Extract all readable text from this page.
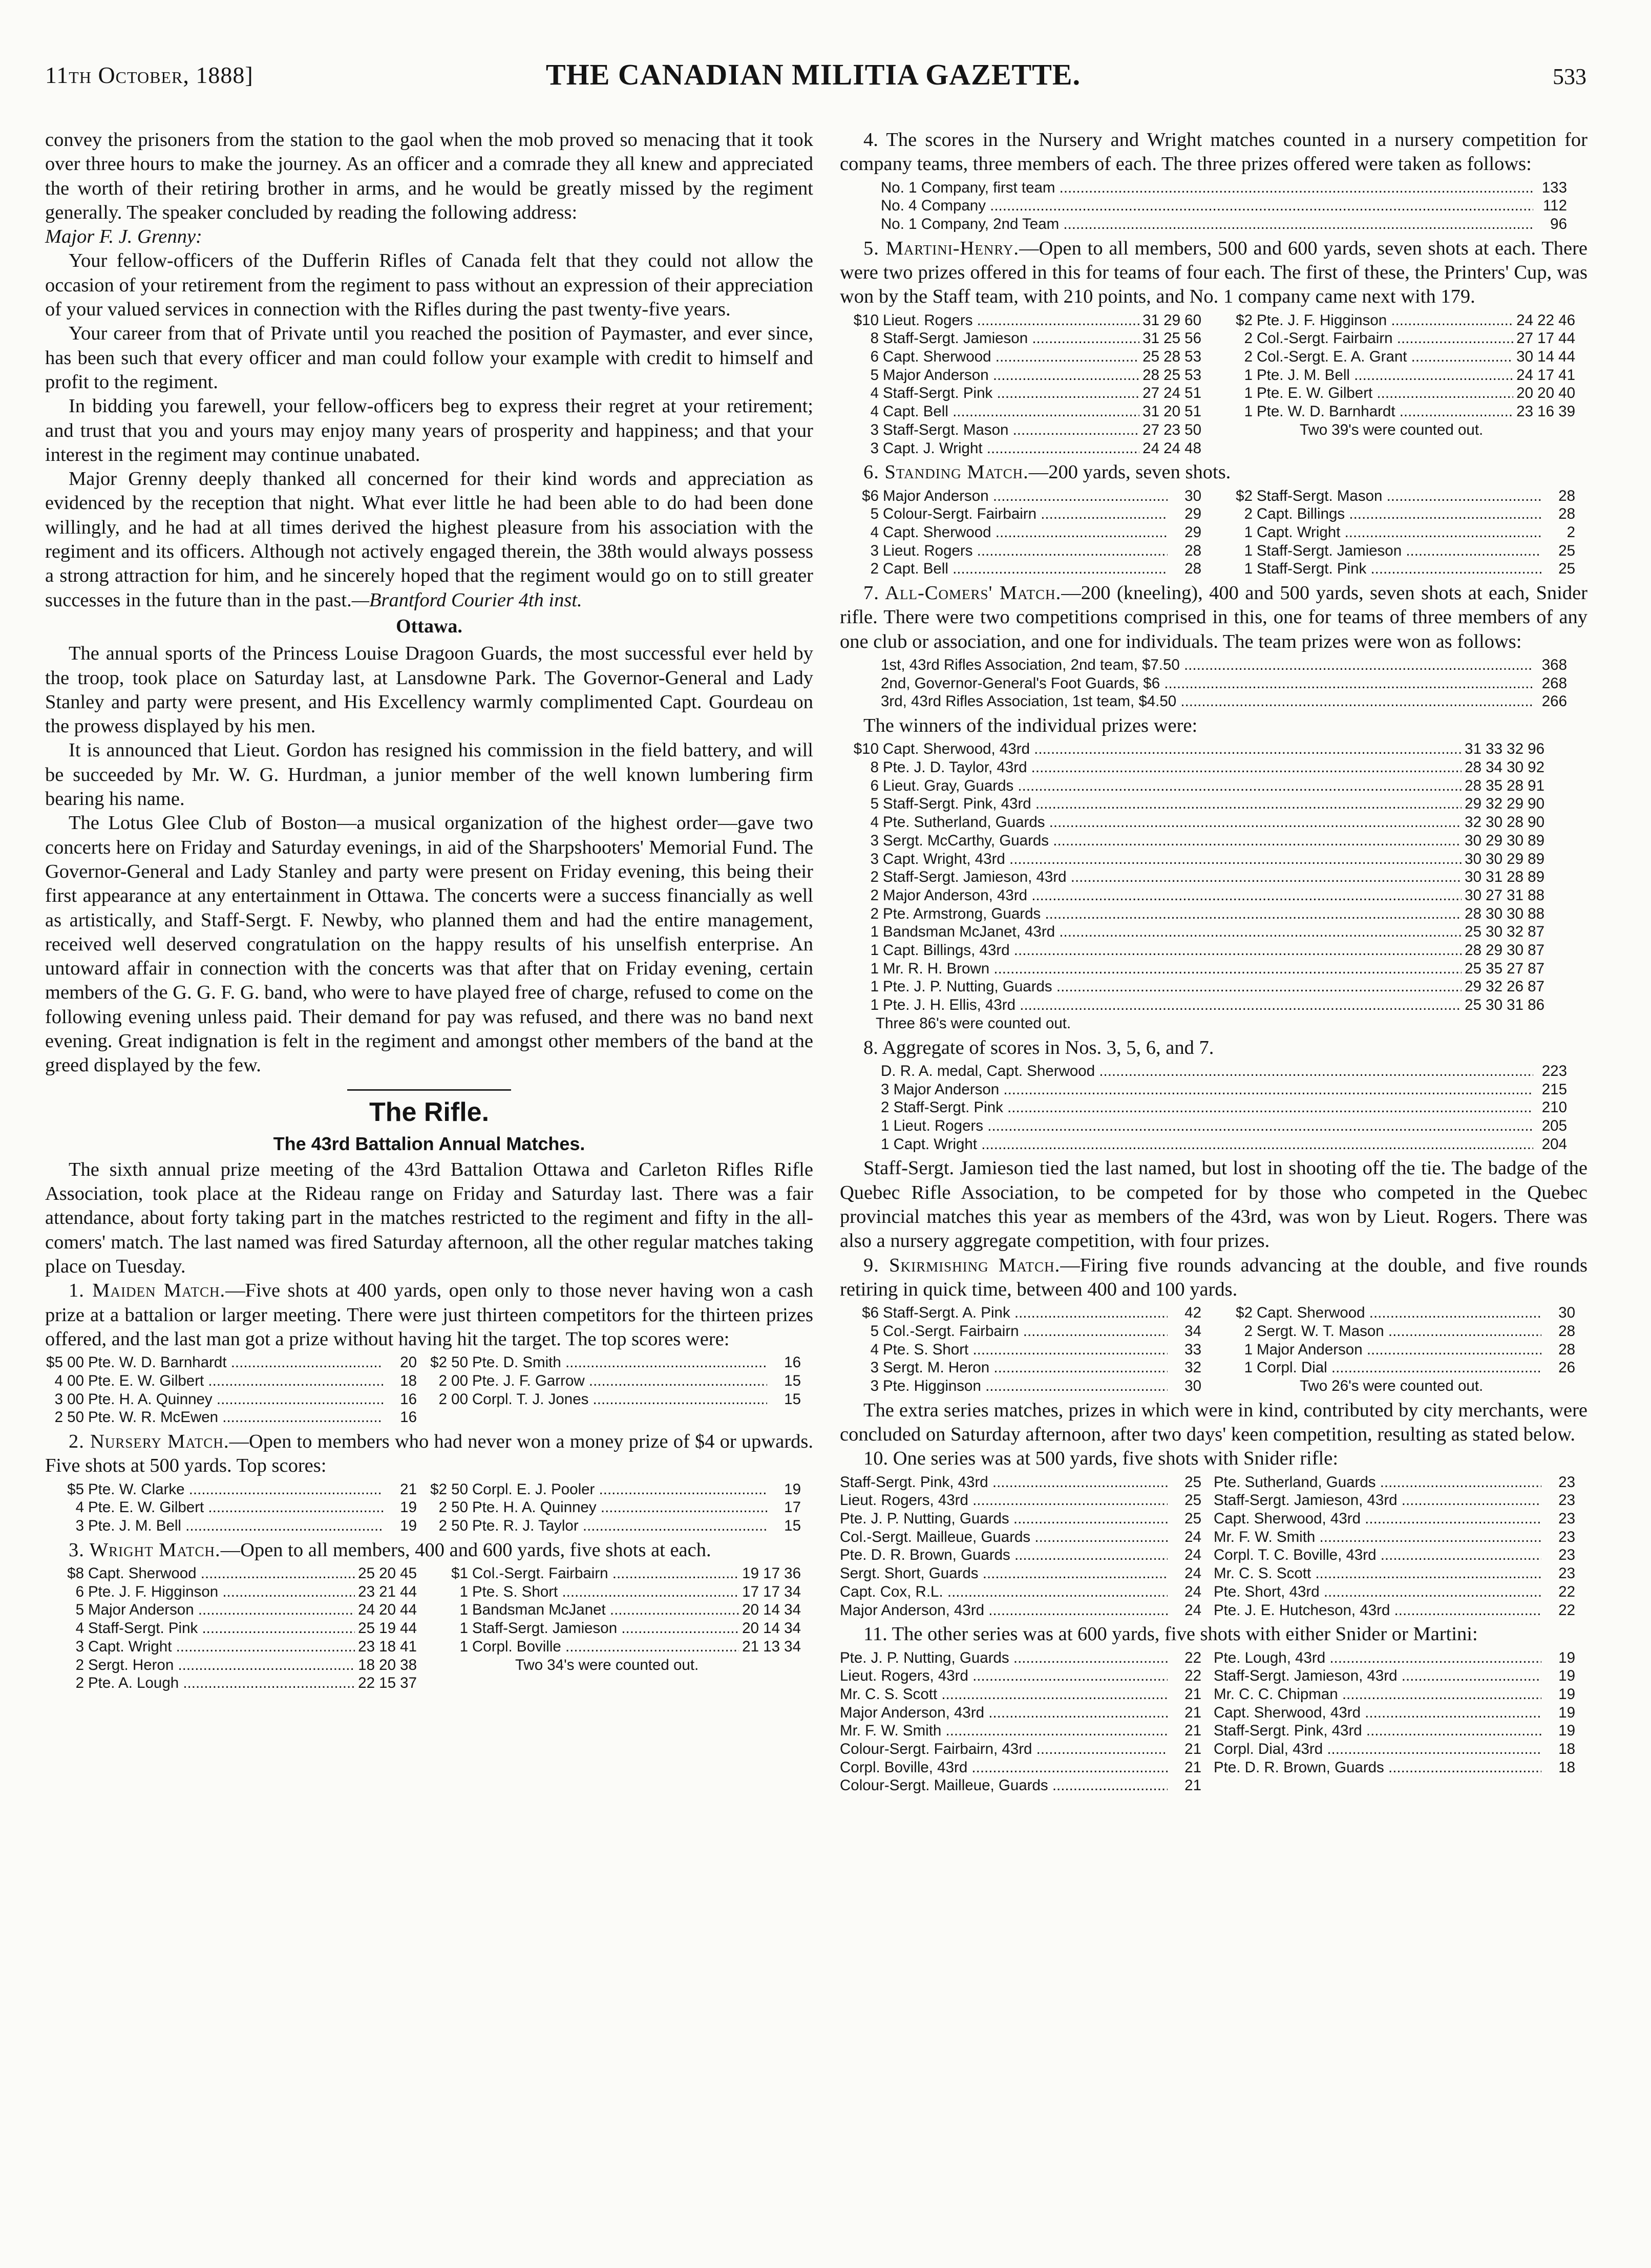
THE CANADIAN MILITIA GAZETTE.
11th October, 1888]	533

convey the prisoners from the station to the gaol when the mob proved so menacing that it took over three hours to make the journey. As an officer and a comrade they all knew and appreciated the worth of their retiring brother in arms, and he would be greatly missed by the regiment generally. The speaker concluded by reading the following address:

Major F. J. Grenny:

Your fellow-officers of the Dufferin Rifles of Canada felt that they could not allow the occasion of your retirement from the regiment to pass without an expression of their appreciation of your valued services in connection with the Rifles during the past twenty-five years.

Your career from that of Private until you reached the position of Paymaster, and ever since, has been such that every officer and man could follow your example with credit to himself and profit to the regiment.

In bidding you farewell, your fellow-officers beg to express their regret at your retirement; and trust that you and yours may enjoy many years of prosperity and happiness; and that your interest in the regiment may continue unabated.

Major Grenny deeply thanked all concerned for their kind words and appreciation as evidenced by the reception that night. What ever little he had been able to do had been done willingly, and he had at all times derived the highest pleasure from his association with the regiment and its officers. Although not actively engaged therein, the 38th would always possess a strong attraction for him, and he sincerely hoped that the regiment would go on to still greater successes in the future than in the past.—Brantford Courier 4th inst.

Ottawa.

The annual sports of the Princess Louise Dragoon Guards, the most successful ever held by the troop, took place on Saturday last, at Lansdowne Park. The Governor-General and Lady Stanley and party were present, and His Excellency warmly complimented Capt. Gourdeau on the prowess displayed by his men.

It is announced that Lieut. Gordon has resigned his commission in the field battery, and will be succeeded by Mr. W. G. Hurdman, a junior member of the well known lumbering firm bearing his name.

The Lotus Glee Club of Boston—a musical organization of the highest order—gave two concerts here on Friday and Saturday evenings, in aid of the Sharpshooters' Memorial Fund. The Governor-General and Lady Stanley and party were present on Friday evening, this being their first appearance at any entertainment in Ottawa. The concerts were a success financially as well as artistically, and Staff-Sergt. F. Newby, who planned them and had the entire management, received well deserved congratulation on the happy results of his unselfish enterprise. An untoward affair in connection with the concerts was that after that on Friday evening, certain members of the G. G. F. G. band, who were to have played free of charge, refused to come on the following evening unless paid. Their demand for pay was refused, and there was no band next evening. Great indignation is felt in the regiment and amongst other members of the band at the greed displayed by the few.

The Rifle.
The 43rd Battalion Annual Matches.

The sixth annual prize meeting of the 43rd Battalion Ottawa and Carleton Rifles Rifle Association, took place at the Rideau range on Friday and Saturday last. There was a fair attendance, about forty taking part in the matches restricted to the regiment and fifty in the all-comers' match. The last named was fired Saturday afternoon, all the other regular matches taking place on Tuesday.

1. Maiden Match.—Five shots at 400 yards, open only to those never having won a cash prize at a battalion or larger meeting. There were just thirteen competitors for the thirteen prizes offered, and the last man got a prize without having hit the target. The top scores were:

$5 00 Pte. W. D. Barnhardt .....	20 $2 50 Pte. D. Smith .....	16
4 00 Pte. E. W. Gilbert .....	18	2 00 Pte. J. F. Garrow .....	15
3 00 Pte. H. A. Quinney .....	16	2 00 Corpl. T. J. Jones .....	15
2 50 Pte. W. R. McEwen .....	16

2. Nursery Match.—Open to members who had never won a money prize of $4 or upwards. Five shots at 500 yards. Top scores:

$5 Pte. W. Clarke .....	21 $2 50 Corpl. E. J. Pooler .....	19
4 Pte. E. W. Gilbert .....	19	2 50 Pte. H. A. Quinney .....	17
3 Pte. J. M. Bell .....	19	2 50 Pte. R. J. Taylor .....	15

3. Wright Match.—Open to all members, 400 and 600 yards, five shots at each.

$8 Capt. Sherwood .....	25 20 45	$1 Col.-Sergt. Fairbairn .....	19 17 36
6 Pte. J. F. Higginson .....	23 21 44	1 Pte. S. Short .....	17 17 34
5 Major Anderson .....	24 20 44	1 Bandsman McJanet .....	20 14 34
4 Staff-Sergt. Pink .....	25 19 44	1 Staff-Sergt. Jamieson .....	20 14 34
3 Capt. Wright .....	23 18 41	1 Corpl. Boville .....	21 13 34
2 Sergt. Heron .....	18 20 38	Two 34's were counted out.
2 Pte. A. Lough .....	22 15 37

4. The scores in the Nursery and Wright matches counted in a nursery competition for company teams, three members of each. The three prizes offered were taken as follows:

No. 1 Company, first team .....	133
No. 4 Company .....	112
No. 1 Company, 2nd Team .....	96

5. Martini-Henry.—Open to all members, 500 and 600 yards, seven shots at each. There were two prizes offered in this for teams of four each. The first of these, the Printers' Cup, was won by the Staff team, with 210 points, and No. 1 company came next with 179.

$10 Lieut. Rogers .....	31 29 60	$2 Pte. J. F. Higginson .....	24 22 46
8 Staff-Sergt. Jamieson .....	31 25 56	2 Col.-Sergt. Fairbairn .....	27 17 44
6 Capt. Sherwood .....	25 28 53	2 Col.-Sergt. E. A. Grant .....	30 14 44
5 Major Anderson .....	28 25 53	1 Pte. J. M. Bell .....	24 17 41
4 Staff-Sergt. Pink .....	27 24 51	1 Pte. E. W. Gilbert .....	20 20 40
4 Capt. Bell .....	31 20 51	1 Pte. W. D. Barnhardt .....	23 16 39
3 Staff-Sergt. Mason .....	27 23 50	Two 39's were counted out.
3 Capt. J. Wright .....	24 24 48

6. Standing Match.—200 yards, seven shots.

$6 Major Anderson .....	30	$2 Staff-Sergt. Mason .....	28
5 Colour-Sergt. Fairbairn .....	29	2 Capt. Billings .....	28
4 Capt. Sherwood .....	29	1 Capt. Wright .....	2
3 Lieut. Rogers .....	28	1 Staff-Sergt. Jamieson .....	25
2 Capt. Bell .....	28	1 Staff-Sergt. Pink .....	25

7. All-Comers' Match.—200 (kneeling), 400 and 500 yards, seven shots at each, Snider rifle. There were two competitions comprised in this, one for teams of three members of any one club or association, and one for individuals. The team prizes were won as follows:

1st, 43rd Rifles Association, 2nd team, $7.50 .....	368
2nd, Governor-General's Foot Guards, $6 .....	268
3rd, 43rd Rifles Association, 1st team, $4.50 .....	266

The winners of the individual prizes were:

$10 Capt. Sherwood, 43rd .....	31 33 32 96
8 Pte. J. D. Taylor, 43rd .....	28 34 30 92
6 Lieut. Gray, Guards .....	28 35 28 91
5 Staff-Sergt. Pink, 43rd .....	29 32 29 90
4 Pte. Sutherland, Guards .....	32 30 28 90
3 Sergt. McCarthy, Guards .....	30 29 30 89
3 Capt. Wright, 43rd .....	30 30 29 89
2 Staff-Sergt. Jamieson, 43rd .....	30 31 28 89
2 Major Anderson, 43rd .....	30 27 31 88
2 Pte. Armstrong, Guards .....	28 30 30 88
1 Bandsman McJanet, 43rd .....	25 30 32 87
1 Capt. Billings, 43rd .....	28 29 30 87
1 Mr. R. H. Brown .....	25 35 27 87
1 Pte. J. P. Nutting, Guards .....	29 32 26 87
1 Pte. J. H. Ellis, 43rd .....	25 30 31 86
Three 86's were counted out.

8. Aggregate of scores in Nos. 3, 5, 6, and 7.

D. R. A. medal, Capt. Sherwood .....	223
3 Major Anderson .....	215
2 Staff-Sergt. Pink .....	210
1 Lieut. Rogers .....	205
1 Capt. Wright .....	204

Staff-Sergt. Jamieson tied the last named, but lost in shooting off the tie. The badge of the Quebec Rifle Association, to be competed for by those who competed in the Quebec provincial matches this year as members of the 43rd, was won by Lieut. Rogers. There was also a nursery aggregate competition, with four prizes.

9. Skirmishing Match.—Firing five rounds advancing at the double, and five rounds retiring in quick time, between 400 and 100 yards.

$6 Staff-Sergt. A. Pink .....	42	$2 Capt. Sherwood .....	30
5 Col.-Sergt. Fairbairn .....	34	2 Sergt. W. T. Mason .....	28
4 Pte. S. Short .....	33	1 Major Anderson .....	28
3 Sergt. M. Heron .....	32	1 Corpl. Dial .....	26
3 Pte. Higginson .....	30	Two 26's were counted out.

The extra series matches, prizes in which were in kind, contributed by city merchants, were concluded on Saturday afternoon, after two days' keen competition, resulting as stated below.

10. One series was at 500 yards, five shots with Snider rifle:

Staff-Sergt. Pink, 43rd .....	25 Pte. Sutherland, Guards .....	23
Lieut. Rogers, 43rd .....	25 Staff-Sergt. Jamieson, 43rd .....	23
Pte. J. P. Nutting, Guards .....	25 Capt. Sherwood, 43rd .....	23
Col.-Sergt. Mailleue, Guards .....	24 Mr. F. W. Smith .....	23
Pte. D. R. Brown, Guards .....	24 Corpl. T. C. Boville, 43rd .....	23
Sergt. Short, Guards .....	24 Mr. C. S. Scott .....	23
Capt. Cox, R.L. .....	24 Pte. Short, 43rd .....	22
Major Anderson, 43rd .....	24 Pte. J. E. Hutcheson, 43rd .....	22

11. The other series was at 600 yards, five shots with either Snider or Martini:

Pte. J. P. Nutting, Guards .....	22 Pte. Lough, 43rd .....	19
Lieut. Rogers, 43rd .....	22 Staff-Sergt. Jamieson, 43rd .....	19
Mr. C. S. Scott .....	21 Mr. C. C. Chipman .....	19
Major Anderson, 43rd .....	21 Capt. Sherwood, 43rd .....	19
Mr. F. W. Smith .....	21 Staff-Sergt. Pink, 43rd .....	19
Colour-Sergt. Fairbairn, 43rd .....	21 Corpl. Dial, 43rd .....	18
Corpl. Boville, 43rd .....	21 Pte. D. R. Brown, Guards .....	18
Colour-Sergt. Mailleue, Guards .....	21
